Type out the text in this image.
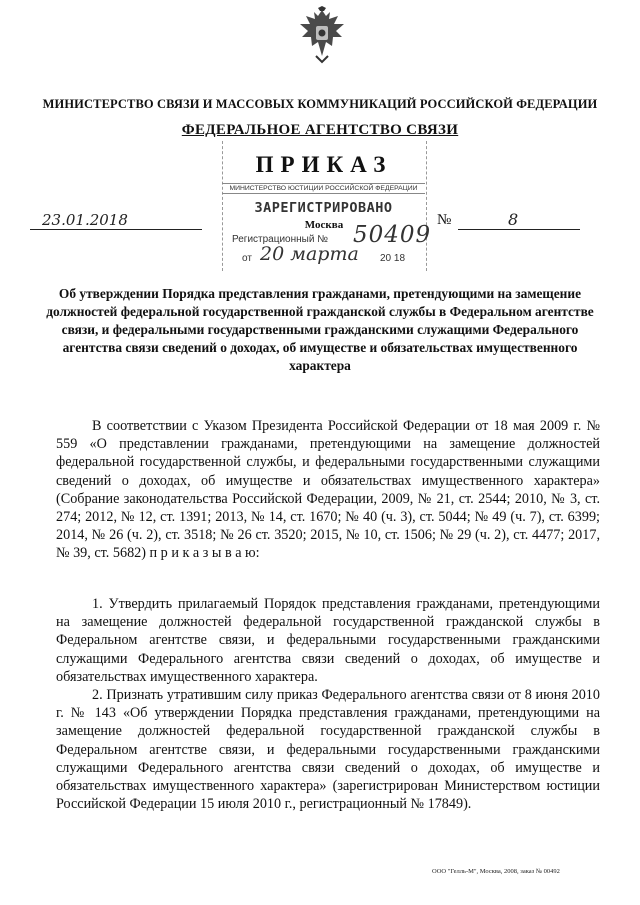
МИНИСТЕРСТВО СВЯЗИ И МАССОВЫХ КОММУНИКАЦИЙ РОССИЙСКОЙ ФЕДЕРАЦИИ
ФЕДЕРАЛЬНОЕ АГЕНТСТВО СВЯЗИ
ПРИКАЗ
МИНИСТЕРСТВО ЮСТИЦИИ РОССИЙСКОЙ ФЕДЕРАЦИИ
ЗАРЕГИСТРИРОВАНО
Регистрационный №
Москва 50409
от 20 марта 20 18
23.01.2018	№	8
Об утверждении Порядка представления гражданами, претендующими на замещение должностей федеральной государственной гражданской службы в Федеральном агентстве связи, и федеральными государственными гражданскими служащими Федерального агентства связи сведений о доходах, об имуществе и обязательствах имущественного характера

В соответствии с Указом Президента Российской Федерации от 18 мая 2009 г. № 559 «О представлении гражданами, претендующими на замещение должностей федеральной государственной службы, и федеральными государственными служащими сведений о доходах, об имуществе и обязательствах имущественного характера» (Собрание законодательства Российской Федерации, 2009, № 21, ст. 2544; 2010, № 3, ст. 274; 2012, № 12, ст. 1391; 2013, № 14, ст. 1670; № 40 (ч. 3), ст. 5044; № 49 (ч. 7), ст. 6399; 2014, № 26 (ч. 2), ст. 3518; № 26 ст. 3520; 2015, № 10, ст. 1506; № 29 (ч. 2), ст. 4477; 2017, № 39, ст. 5682) п р и к а з ы в а ю:

1. Утвердить прилагаемый Порядок представления гражданами, претендующими на замещение должностей федеральной государственной гражданской службы в Федеральном агентстве связи, и федеральными государственными гражданскими служащими Федерального агентства связи сведений о доходах, об имуществе и обязательствах имущественного характера.

2. Признать утратившим силу приказ Федерального агентства связи от 8 июня 2010 г. № 143 «Об утверждении Порядка представления гражданами, претендующими на замещение должностей федеральной государственной гражданской службы в Федеральном агентстве связи, и федеральными государственными гражданскими служащими Федерального агентства связи сведений о доходах, об имуществе и обязательствах имущественного характера» (зарегистрирован Министерством юстиции Российской Федерации 15 июля 2010 г., регистрационный № 17849).

ООО "Гелль-М", Москва, 2008, заказ № 00492
